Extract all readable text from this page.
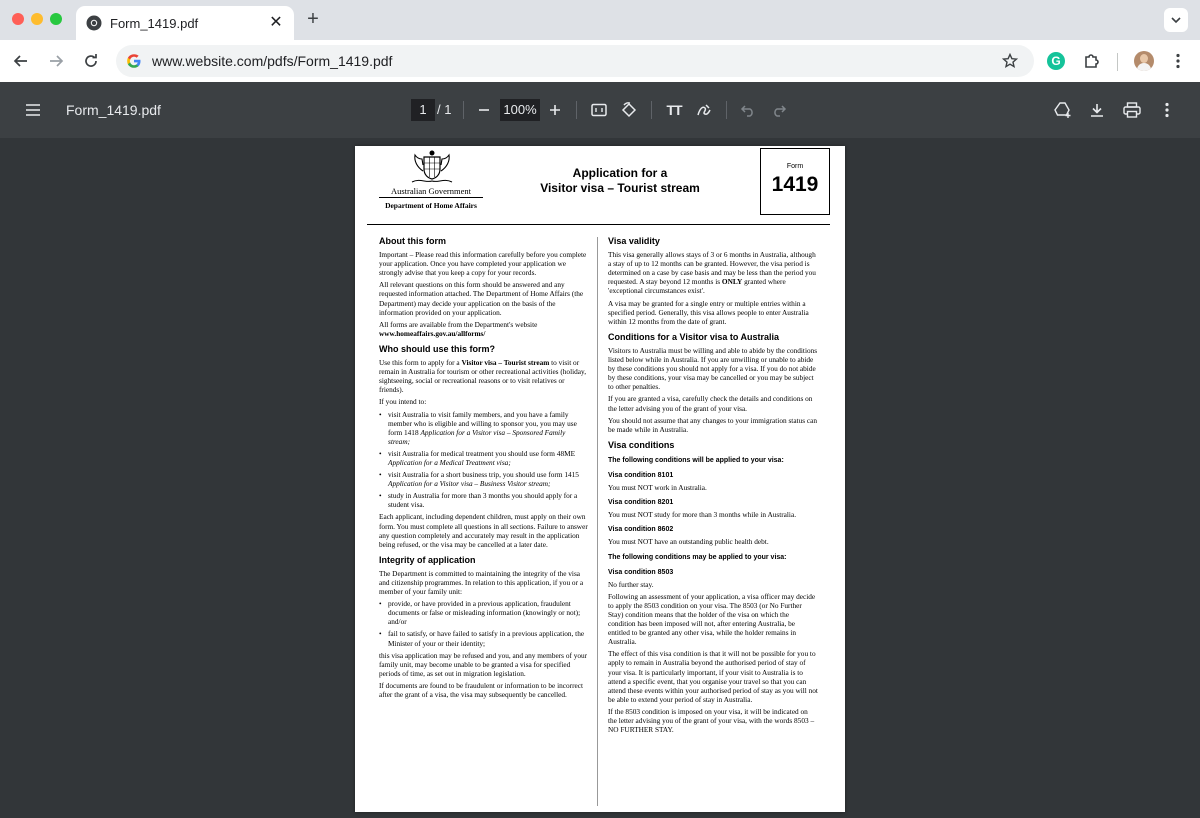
Form_1419.pdf	✕ +
www.website.com/pdfs/Form_1419.pdf	G
Form_1419.pdf	1 / 1	100%	TT
Australian Government
Department of Home Affairs
Application for a
Visitor visa – Tourist stream
Form
1419
About this form

Important – Please read this information carefully before you complete your application. Once you have completed your application we strongly advise that you keep a copy for your records.

All relevant questions on this form should be answered and any requested information attached. The Department of Home Affairs (the Department) may decide your application on the basis of the information provided on your application.

All forms are available from the Department's website
www.homeaffairs.gov.au/allforms/

Who should use this form?

Use this form to apply for a Visitor visa – Tourist stream to visit or remain in Australia for tourism or other recreational activities (holiday, sightseeing, social or recreational reasons or to visit relatives or friends).

If you intend to:

• visit Australia to visit family members, and you have a family member who is eligible and willing to sponsor you, you may use form 1418 Application for a Visitor visa – Sponsored Family stream;
• visit Australia for medical treatment you should use form 48ME Application for a Medical Treatment visa;
• visit Australia for a short business trip, you should use form 1415 Application for a Visitor visa – Business Visitor stream;
• study in Australia for more than 3 months you should apply for a student visa.

Each applicant, including dependent children, must apply on their own form. You must complete all questions in all sections. Failure to answer any question completely and accurately may result in the application being refused, or the visa may be cancelled at a later date.

Integrity of application

The Department is committed to maintaining the integrity of the visa and citizenship programmes. In relation to this application, if you or a member of your family unit:

• provide, or have provided in a previous application, fraudulent documents or false or misleading information (knowingly or not); and/or
• fail to satisfy, or have failed to satisfy in a previous application, the Minister of your or their identity;

this visa application may be refused and you, and any members of your family unit, may become unable to be granted a visa for specified periods of time, as set out in migration legislation.

If documents are found to be fraudulent or information to be incorrect after the grant of a visa, the visa may subsequently be cancelled.

Visa validity

This visa generally allows stays of 3 or 6 months in Australia, although a stay of up to 12 months can be granted. However, the visa period is determined on a case by case basis and may be less than the period you requested. A stay beyond 12 months is ONLY granted where 'exceptional circumstances exist'.

A visa may be granted for a single entry or multiple entries within a specified period. Generally, this visa allows people to enter Australia within 12 months from the date of grant.

Conditions for a Visitor visa to Australia

Visitors to Australia must be willing and able to abide by the conditions listed below while in Australia. If you are unwilling or unable to abide by these conditions you should not apply for a visa. If you do not abide by these conditions, your visa may be cancelled or you may be subject to other penalties.

If you are granted a visa, carefully check the details and conditions on the letter advising you of the grant of your visa.

You should not assume that any changes to your immigration status can be made while in Australia.

Visa conditions
The following conditions will be applied to your visa:
Visa condition 8101

You must NOT work in Australia.

Visa condition 8201

You must NOT study for more than 3 months while in Australia.

Visa condition 8602

You must NOT have an outstanding public health debt.

The following conditions may be applied to your visa:
Visa condition 8503

No further stay.

Following an assessment of your application, a visa officer may decide to apply the 8503 condition on your visa. The 8503 (or No Further Stay) condition means that the holder of the visa on which the condition has been imposed will not, after entering Australia, be entitled to be granted any other visa, while the holder remains in Australia.

The effect of this visa condition is that it will not be possible for you to apply to remain in Australia beyond the authorised period of stay of your visa. It is particularly important, if your visit to Australia is to attend a specific event, that you organise your travel so that you can attend these events within your authorised period of stay as you will not be able to extend your period of stay in Australia.

If the 8503 condition is imposed on your visa, it will be indicated on the letter advising you of the grant of your visa, with the words 8503 – NO FURTHER STAY.
